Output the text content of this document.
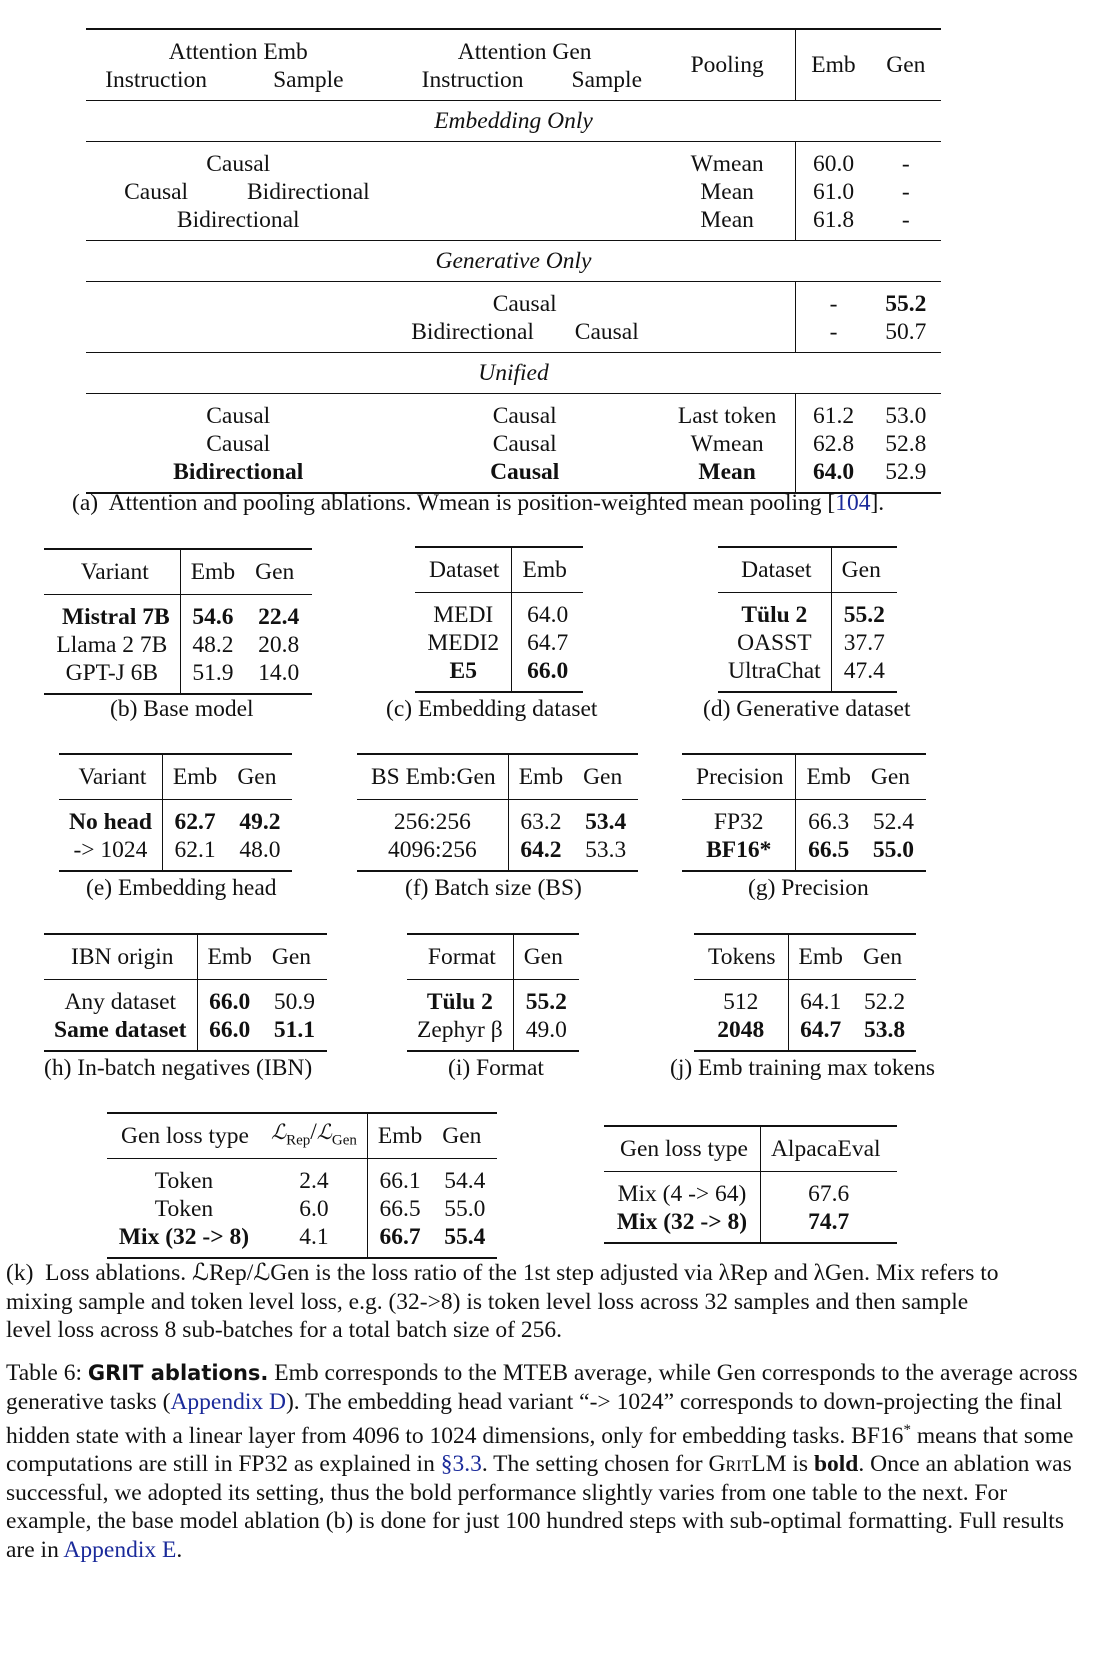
Attention Emb		Attention Gen		Pooling	Emb	Gen
Instruction	Sample	Instruction	Sample			
Embedding Only						
Causal				Wmean	60.0	-
Causal	Bidirectional			Mean	61.0	-
Bidirectional				Mean	61.8	-
Generative Only						
		Causal			-	55.2
		Bidirectional	Causal		-	50.7
Unified						
Causal		Causal		Last token	61.2	53.0
Causal		Causal		Wmean	62.8	52.8
Bidirectional		Causal		Mean	64.0	52.9
(a) Attention and pooling ablations. Wmean is position-weighted mean pooling [104].
Variant	Emb	Gen
Mistral 7B	54.6	22.4
Llama 2 7B	48.2	20.8
GPT-J 6B	51.9	14.0
(b) Base model
Dataset	Emb
MEDI	64.0
MEDI2	64.7
E5	66.0
(c) Embedding dataset
Dataset	Gen
Tülu 2	55.2
OASST	37.7
UltraChat	47.4
(d) Generative dataset
Variant	Emb	Gen
No head	62.7	49.2
-> 1024	62.1	48.0
(e) Embedding head
BS Emb:Gen	Emb	Gen
256:256	63.2	53.4
4096:256	64.2	53.3
(f) Batch size (BS)
Precision	Emb	Gen
FP32	66.3	52.4
BF16*	66.5	55.0
(g) Precision
IBN origin	Emb	Gen
Any dataset	66.0	50.9
Same dataset	66.0	51.1
(h) In-batch negatives (IBN)
Format	Gen
Tülu 2	55.2
Zephyr β	49.0
(i) Format
Tokens	Emb	Gen
512	64.1	52.2
2048	64.7	53.8
(j) Emb training max tokens
Gen loss type	ℒ$_{Rep}$/ℒ$_{Gen}$	Emb	Gen
Token	2.4	66.1	54.4
Token	6.0	66.5	55.0
Mix (32 -> 8)	4.1	66.7	55.4
Gen loss type	AlpacaEval
Mix (4 -> 64)	67.6
Mix (32 -> 8)	74.7
(k) Loss ablations. ℒRep/ℒGen is the loss ratio of the 1st step adjusted via λRep and λGen. Mix refers to
mixing sample and token level loss, e.g. (32->8) is token level loss across 32 samples and then sample
level loss across 8 sub-batches for a total batch size of 256.
Table 6: GRIT ablations. Emb corresponds to the MTEB average, while Gen corresponds to the average across generative tasks (Appendix D). The embedding head variant “-> 1024” corresponds to down-projecting the final hidden state with a linear layer from 4096 to 1024 dimensions, only for embedding tasks. BF16* means that some computations are still in FP32 as explained in §3.3. The setting chosen for GritLM is bold. Once an ablation was successful, we adopted its setting, thus the bold performance slightly varies from one table to the next. For example, the base model ablation (b) is done for just 100 hundred steps with sub-optimal formatting. Full results are in Appendix E.
